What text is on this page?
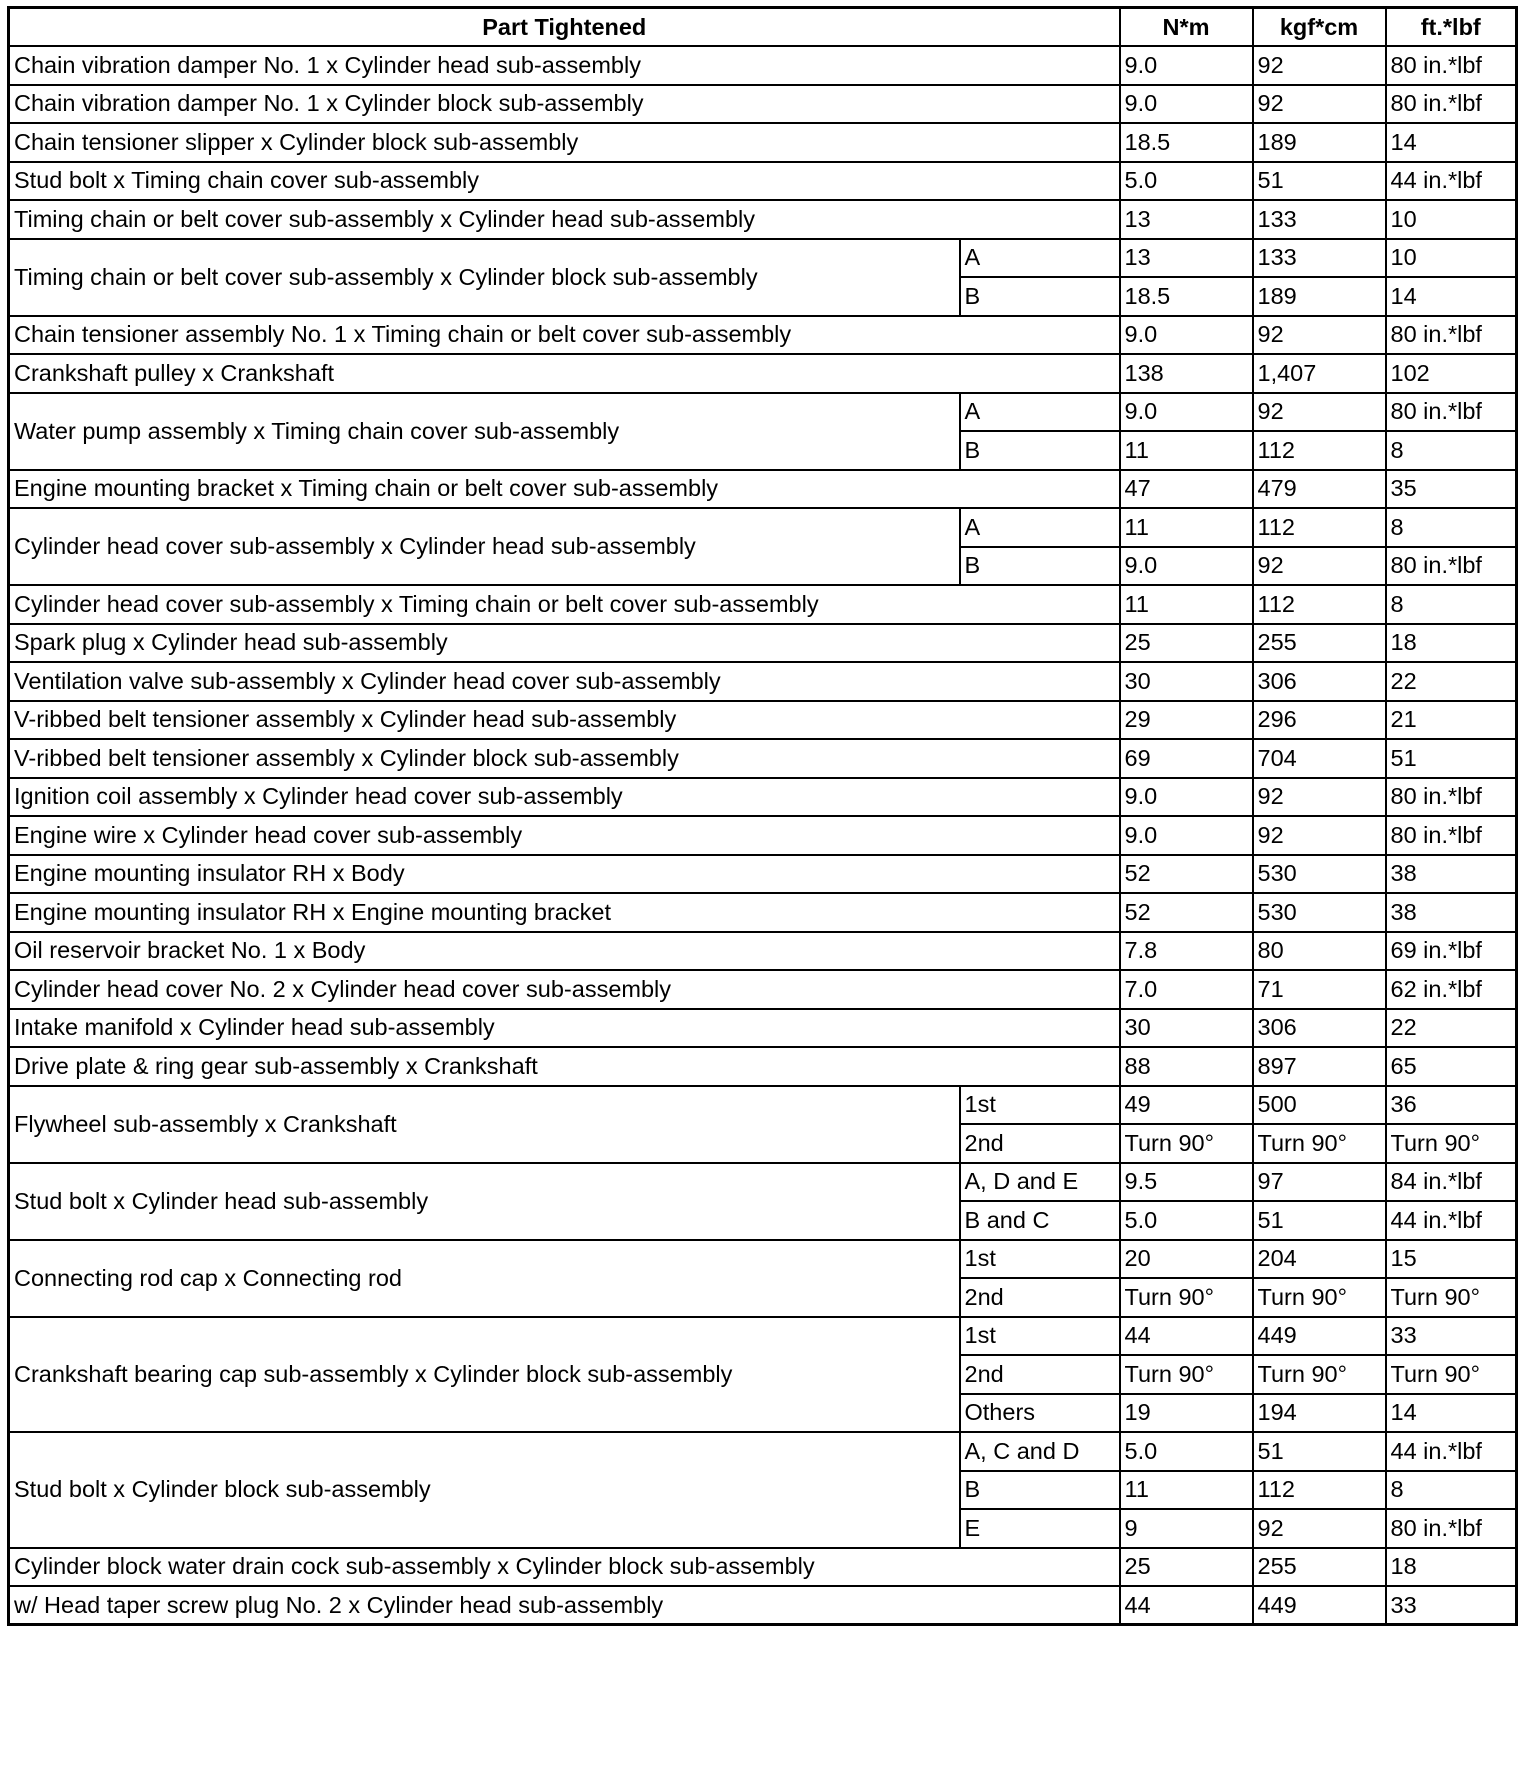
Part Tightened		N*m	kgf*cm	ft.*lbf
Chain vibration damper No. 1 x Cylinder head sub-assembly		9.0	92	80 in.*lbf
Chain vibration damper No. 1 x Cylinder block sub-assembly		9.0	92	80 in.*lbf
Chain tensioner slipper x Cylinder block sub-assembly		18.5	189	14
Stud bolt x Timing chain cover sub-assembly		5.0	51	44 in.*lbf
Timing chain or belt cover sub-assembly x Cylinder head sub-assembly		13	133	10
Timing chain or belt cover sub-assembly x Cylinder block sub-assembly	A	13	133	10
	B	18.5	189	14
Chain tensioner assembly No. 1 x Timing chain or belt cover sub-assembly		9.0	92	80 in.*lbf
Crankshaft pulley x Crankshaft		138	1,407	102
Water pump assembly x Timing chain cover sub-assembly	A	9.0	92	80 in.*lbf
	B	11	112	8
Engine mounting bracket x Timing chain or belt cover sub-assembly		47	479	35
Cylinder head cover sub-assembly x Cylinder head sub-assembly	A	11	112	8
	B	9.0	92	80 in.*lbf
Cylinder head cover sub-assembly x Timing chain or belt cover sub-assembly		11	112	8
Spark plug x Cylinder head sub-assembly		25	255	18
Ventilation valve sub-assembly x Cylinder head cover sub-assembly		30	306	22
V-ribbed belt tensioner assembly x Cylinder head sub-assembly		29	296	21
V-ribbed belt tensioner assembly x Cylinder block sub-assembly		69	704	51
Ignition coil assembly x Cylinder head cover sub-assembly		9.0	92	80 in.*lbf
Engine wire x Cylinder head cover sub-assembly		9.0	92	80 in.*lbf
Engine mounting insulator RH x Body		52	530	38
Engine mounting insulator RH x Engine mounting bracket		52	530	38
Oil reservoir bracket No. 1 x Body		7.8	80	69 in.*lbf
Cylinder head cover No. 2 x Cylinder head cover sub-assembly		7.0	71	62 in.*lbf
Intake manifold x Cylinder head sub-assembly		30	306	22
Drive plate & ring gear sub-assembly x Crankshaft		88	897	65
Flywheel sub-assembly x Crankshaft	1st	49	500	36
	2nd	Turn 90°	Turn 90°	Turn 90°
Stud bolt x Cylinder head sub-assembly	A, D and E	9.5	97	84 in.*lbf
	B and C	5.0	51	44 in.*lbf
Connecting rod cap x Connecting rod	1st	20	204	15
	2nd	Turn 90°	Turn 90°	Turn 90°
Crankshaft bearing cap sub-assembly x Cylinder block sub-assembly	1st	44	449	33
	2nd	Turn 90°	Turn 90°	Turn 90°
	Others	19	194	14
Stud bolt x Cylinder block sub-assembly	A, C and D	5.0	51	44 in.*lbf
	B	11	112	8
	E	9	92	80 in.*lbf
Cylinder block water drain cock sub-assembly x Cylinder block sub-assembly		25	255	18
w/ Head taper screw plug No. 2 x Cylinder head sub-assembly		44	449	33
